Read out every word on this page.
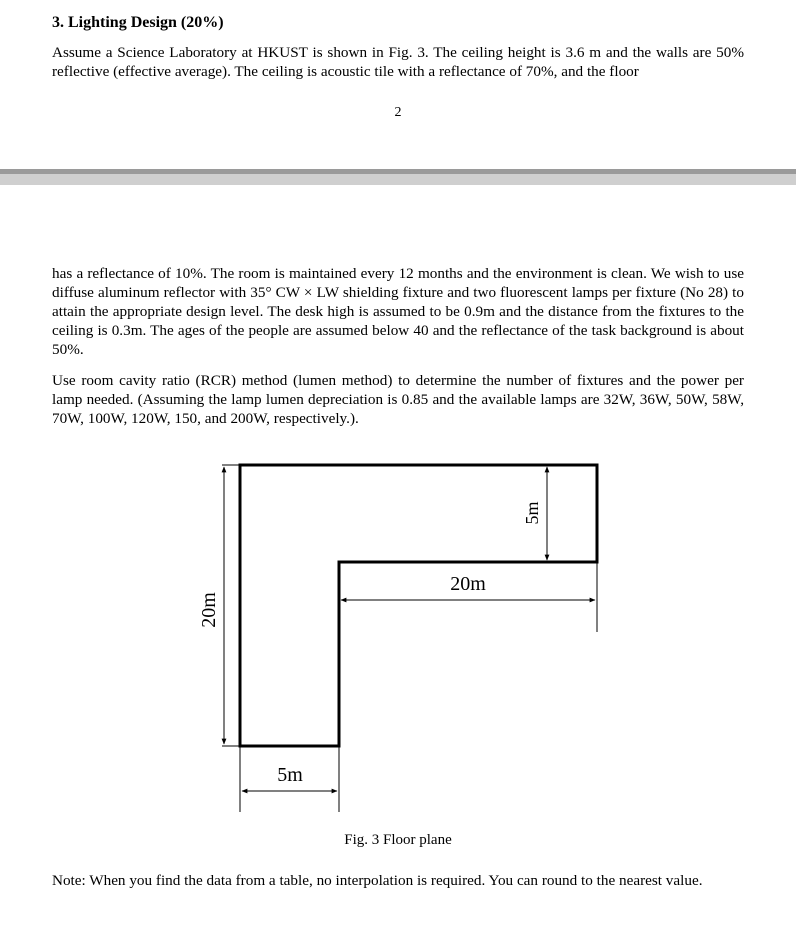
3. Lighting Design (20%)
Assume a Science Laboratory at HKUST is shown in Fig. 3. The ceiling height is 3.6 m and the walls are 50% reflective (effective average). The ceiling is acoustic tile with a reflectance of 70%, and the floor
2
has a reflectance of 10%. The room is maintained every 12 months and the environment is clean. We wish to use diffuse aluminum reflector with 35° CW × LW shielding fixture and two fluorescent lamps per fixture (No 28) to attain the appropriate design level. The desk high is assumed to be 0.9m and the distance from the fixtures to the ceiling is 0.3m. The ages of the people are assumed below 40 and the reflectance of the task background is about 50%.
Use room cavity ratio (RCR) method (lumen method) to determine the number of fixtures and the power per lamp needed. (Assuming the lamp lumen depreciation is 0.85 and the available lamps are 32W, 36W, 50W, 58W, 70W, 100W, 120W, 150, and 200W, respectively.).
20m
5m
20m
5m
Fig. 3 Floor plane
Note: When you find the data from a table, no interpolation is required. You can round to the nearest value.
